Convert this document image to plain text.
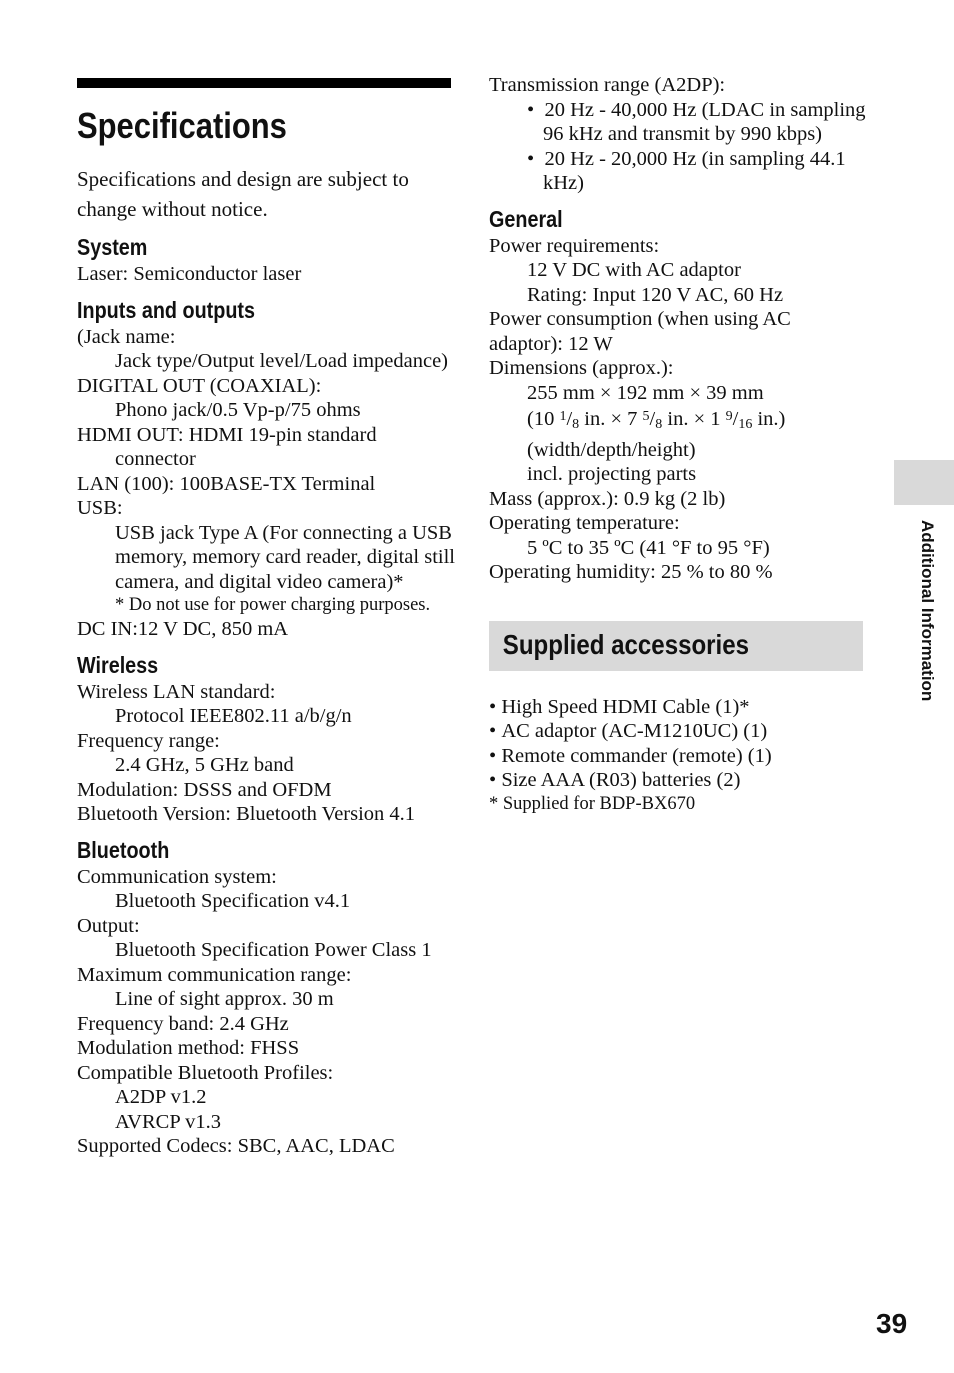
Specifications

Specifications and design are subject to change without notice.

System

Laser: Semiconductor laser

Inputs and outputs

(Jack name:

Jack type/Output level/Load impedance)

DIGITAL OUT (COAXIAL):

Phono jack/0.5 Vp-p/75 ohms

HDMI OUT: HDMI 19-pin standard connector

LAN (100): 100BASE-TX Terminal

USB:

USB jack Type A (For connecting a USB memory, memory card reader, digital still camera, and digital video camera)*

* Do not use for power charging purposes.

DC IN:12 V DC, 850 mA

Wireless

Wireless LAN standard:

Protocol IEEE802.11 a/b/g/n

Frequency range:

2.4 GHz, 5 GHz band

Modulation: DSSS and OFDM

Bluetooth Version: Bluetooth Version 4.1

Bluetooth

Communication system:

Bluetooth Specification v4.1

Output:

Bluetooth Specification Power Class 1

Maximum communication range:

Line of sight approx. 30 m

Frequency band: 2.4 GHz

Modulation method: FHSS

Compatible Bluetooth Profiles:

A2DP v1.2

AVRCP v1.3

Supported Codecs: SBC, AAC, LDAC

Transmission range (A2DP):

•  20 Hz - 40,000 Hz (LDAC in sampling 96 kHz and transmit by 990 kbps)

•  20 Hz - 20,000 Hz (in sampling 44.1 kHz)

General

Power requirements:

12 V DC with AC adaptor

Rating: Input 120 V AC, 60 Hz

Power consumption (when using AC adaptor): 12 W

Dimensions (approx.):

255 mm × 192 mm × 39 mm

(10 $^1/_8$ in. × 7 $^5/_8$ in. × 1 $^9/_{16}$ in.)

(width/depth/height)

incl. projecting parts

Mass (approx.): 0.9 kg (2 lb)

Operating temperature:

5 ºC to 35 ºC (41 °F to 95 °F)

Operating humidity: 25 % to 80 %

Supplied accessories

• High Speed HDMI Cable (1)*

• AC adaptor (AC-M1210UC) (1)

• Remote commander (remote) (1)

• Size AAA (R03) batteries (2)

* Supplied for BDP-BX670

Additional Information
39
